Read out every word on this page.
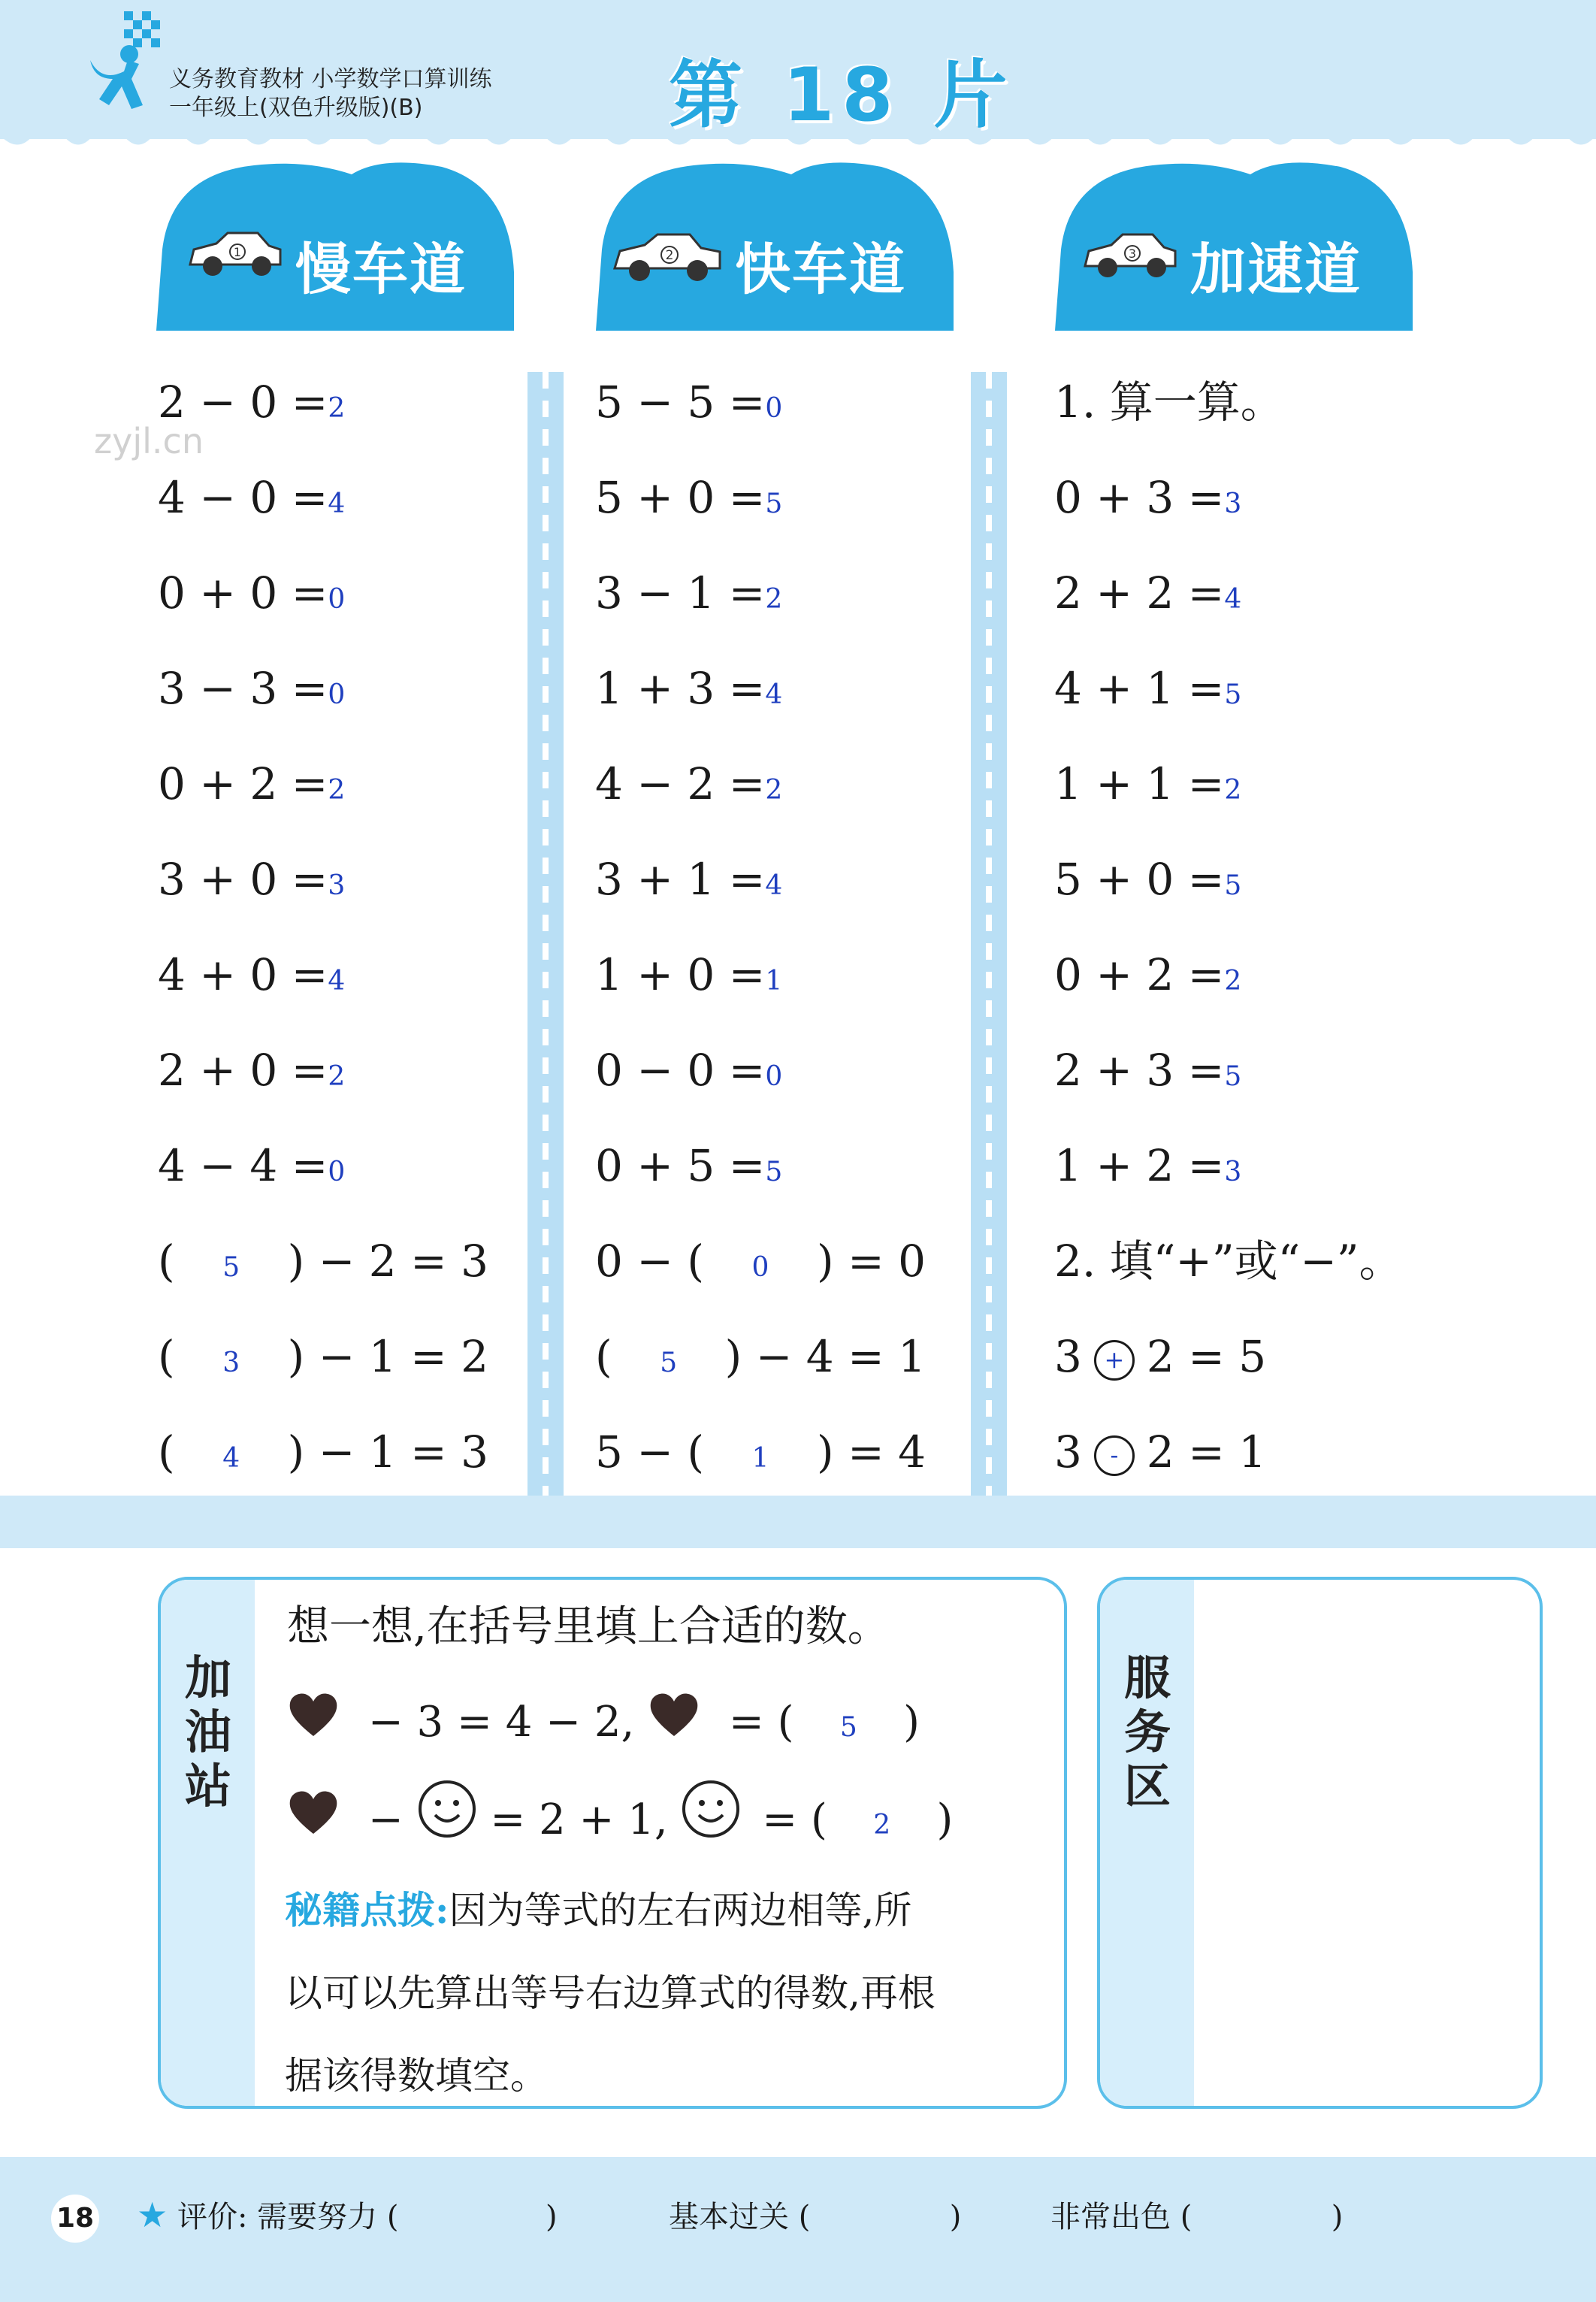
义务教育教材 小学数学口算训练
一年级上(双色升级版)(B)	第 18 片
zyjl.cn
1 慢车道	2 快车道	3 加速道
2 − 0 =2
4 − 0 =4
0 + 0 =0
3 − 3 =0
0 + 2 =2
3 + 0 =3
4 + 0 =4
2 + 0 =2
4 − 4 =0
( 5 ) − 2 = 3
( 3 ) − 1 = 2
( 4 ) − 1 = 3
5 − 5 =0
5 + 0 =5
3 − 1 =2
1 + 3 =4
4 − 2 =2
3 + 1 =4
1 + 0 =1
0 − 0 =0
0 + 5 =5
0 − ( 0 ) = 0
( 5 ) − 4 = 1
5 − ( 1 ) = 4
1. 算一算。
0 + 3 =3
2 + 2 =4
4 + 1 =5
1 + 1 =2
5 + 0 =5
0 + 2 =2
2 + 3 =5
1 + 2 =3
2. 填“+”或“−”。
3 + 2 = 5
3 - 2 = 1
加油站
想一想,在括号里填上合适的数。
− 3 = 4 − 2, = ( 5 )
− = 2 + 1, = ( 2 )
秘籍点拨:因为等式的左右两边相等,所
以可以先算出等号右边算式的得数,再根
据该得数填空。
服务区
18 ★ 评价: 需要努力 (	)	基本过关 (	)	非常出色 (	)
